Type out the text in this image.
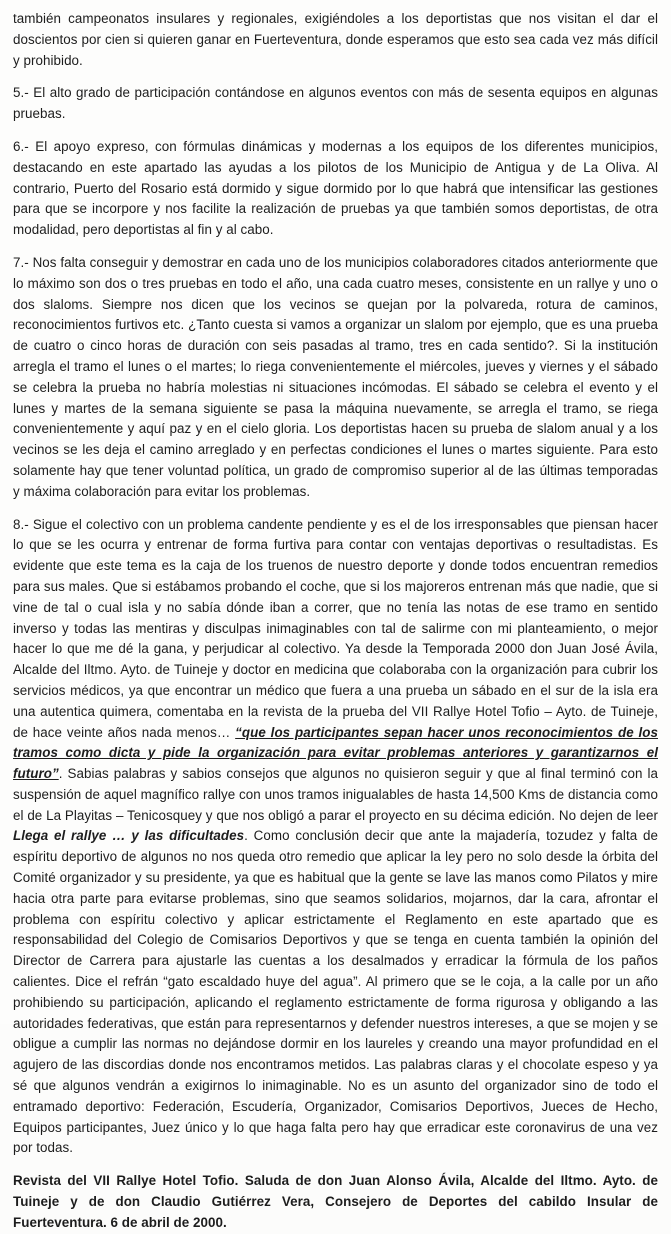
también campeonatos insulares y regionales, exigiéndoles a los deportistas que nos visitan el dar el doscientos por cien si quieren ganar en Fuerteventura, donde esperamos que esto sea cada vez más difícil y prohibido.

5.- El alto grado de participación contándose en algunos eventos con más de sesenta equipos en algunas pruebas.

6.- El apoyo expreso, con fórmulas dinámicas y modernas a los equipos de los diferentes municipios, destacando en este apartado las ayudas a los pilotos de los Municipio de Antigua y de La Oliva. Al contrario, Puerto del Rosario está dormido y sigue dormido por lo que habrá que intensificar las gestiones para que se incorpore y nos facilite la realización de pruebas ya que también somos deportistas, de otra modalidad, pero deportistas al fin y al cabo.

7.- Nos falta conseguir y demostrar en cada uno de los municipios colaboradores citados anteriormente que lo máximo son dos o tres pruebas en todo el año, una cada cuatro meses, consistente en un rallye y uno o dos slaloms. Siempre nos dicen que los vecinos se quejan por la polvareda, rotura de caminos, reconocimientos furtivos etc. ¿Tanto cuesta si vamos a organizar un slalom por ejemplo, que es una prueba de cuatro o cinco horas de duración con seis pasadas al tramo, tres en cada sentido?. Si la institución arregla el tramo el lunes o el martes; lo riega convenientemente el miércoles, jueves y viernes y el sábado se celebra la prueba no habría molestias ni situaciones incómodas. El sábado se celebra el evento y el lunes y martes de la semana siguiente se pasa la máquina nuevamente, se arregla el tramo, se riega convenientemente y aquí paz y en el cielo gloria. Los deportistas hacen su prueba de slalom anual y a los vecinos se les deja el camino arreglado y en perfectas condiciones el lunes o martes siguiente. Para esto solamente hay que tener voluntad política, un grado de compromiso superior al de las últimas temporadas y máxima colaboración para evitar los problemas.

8.- Sigue el colectivo con un problema candente pendiente y es el de los irresponsables que piensan hacer lo que se les ocurra y entrenar de forma furtiva para contar con ventajas deportivas o resultadistas. Es evidente que este tema es la caja de los truenos de nuestro deporte y donde todos encuentran remedios para sus males. Que si estábamos probando el coche, que si los majoreros entrenan más que nadie, que si vine de tal o cual isla y no sabía dónde iban a correr, que no tenía las notas de ese tramo en sentido inverso y todas las mentiras y disculpas inimaginables con tal de salirme con mi planteamiento, o mejor hacer lo que me dé la gana, y perjudicar al colectivo. Ya desde la Temporada 2000 don Juan José Ávila, Alcalde del Iltmo. Ayto. de Tuineje y doctor en medicina que colaboraba con la organización para cubrir los servicios médicos, ya que encontrar un médico que fuera a una prueba un sábado en el sur de la isla era una autentica quimera, comentaba en la revista de la prueba del VII Rallye Hotel Tofio – Ayto. de Tuineje, de hace veinte años nada menos… “que los participantes sepan hacer unos reconocimientos de los tramos como dicta y pide la organización para evitar problemas anteriores y garantizarnos el futuro”. Sabias palabras y sabios consejos que algunos no quisieron seguir y que al final terminó con la suspensión de aquel magnífico rallye con unos tramos inigualables de hasta 14,500 Kms de distancia como el de La Playitas – Tenicosquey y que nos obligó a parar el proyecto en su décima edición. No dejen de leer Llega el rallye … y las dificultades. Como conclusión decir que ante la majadería, tozudez y falta de espíritu deportivo de algunos no nos queda otro remedio que aplicar la ley pero no solo desde la órbita del Comité organizador y su presidente, ya que es habitual que la gente se lave las manos como Pilatos y mire hacia otra parte para evitarse problemas, sino que seamos solidarios, mojarnos, dar la cara, afrontar el problema con espíritu colectivo y aplicar estrictamente el Reglamento en este apartado que es responsabilidad del Colegio de Comisarios Deportivos y que se tenga en cuenta también la opinión del Director de Carrera para ajustarle las cuentas a los desalmados y erradicar la fórmula de los paños calientes. Dice el refrán “gato escaldado huye del agua”. Al primero que se le coja, a la calle por un año prohibiendo su participación, aplicando el reglamento estrictamente de forma rigurosa y obligando a las autoridades federativas, que están para representarnos y defender nuestros intereses, a que se mojen y se obligue a cumplir las normas no dejándose dormir en los laureles y creando una mayor profundidad en el agujero de las discordias donde nos encontramos metidos. Las palabras claras y el chocolate espeso y ya sé que algunos vendrán a exigirnos lo inimaginable. No es un asunto del organizador sino de todo el entramado deportivo: Federación, Escudería, Organizador, Comisarios Deportivos, Jueces de Hecho, Equipos participantes, Juez único y lo que haga falta pero hay que erradicar este coronavirus de una vez por todas.

Revista del VII Rallye Hotel Tofio. Saluda de don Juan Alonso Ávila, Alcalde del Iltmo. Ayto. de Tuineje y de don Claudio Gutiérrez Vera, Consejero de Deportes del cabildo Insular de Fuerteventura. 6 de abril de 2000.
